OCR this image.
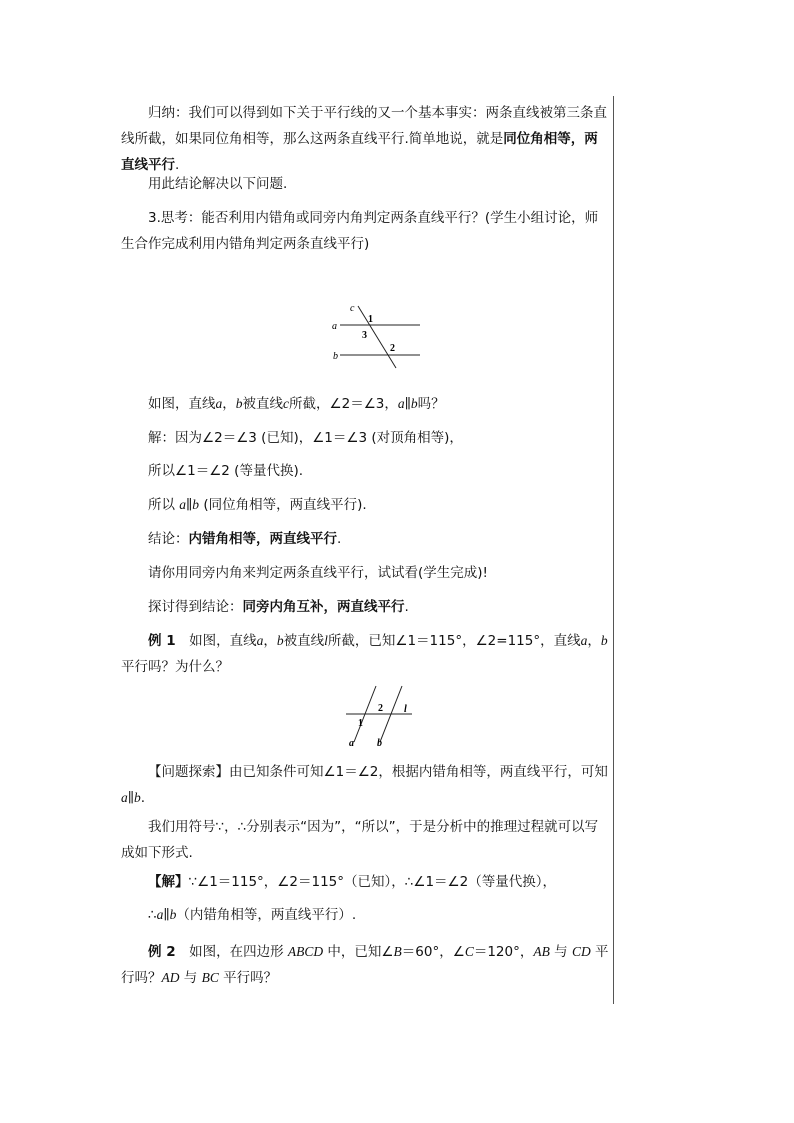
归纳：我们可以得到如下关于平行线的又一个基本事实：两条直线被第三条直线所截，如果同位角相等，那么这两条直线平行.简单地说，就是同位角相等，两直线平行.

用此结论解决以下问题.

3.思考：能否利用内错角或同旁内角判定两条直线平行？(学生小组讨论，师生合作完成利用内错角判定两条直线平行)

c
a
b
1
3
2

如图，直线a，b被直线c所截，∠2＝∠3，a∥b吗？

解：因为∠2＝∠3 (已知)，∠1＝∠3 (对顶角相等)，

所以∠1＝∠2 (等量代换).

所以 a∥b (同位角相等，两直线平行).

结论：内错角相等，两直线平行.

请你用同旁内角来判定两条直线平行，试试看(学生完成)!

探讨得到结论：同旁内角互补，两直线平行.

例 1　如图，直线a，b被直线l所截，已知∠1＝115°，∠2=115°，直线a，b平行吗？为什么？

2
1
l
a b

【问题探索】由已知条件可知∠1＝∠2，根据内错角相等，两直线平行，可知 a∥b.

我们用符号∵，∴分别表示“因为”，“所以”，于是分析中的推理过程就可以写成如下形式.

【解】∵∠1＝115°，∠2＝115°（已知），∴∠1＝∠2（等量代换），

∴a∥b（内错角相等，两直线平行）.

例 2　如图，在四边形 ABCD 中，已知∠B＝60°，∠C＝120°，AB 与 CD 平行吗？AD 与 BC 平行吗？
